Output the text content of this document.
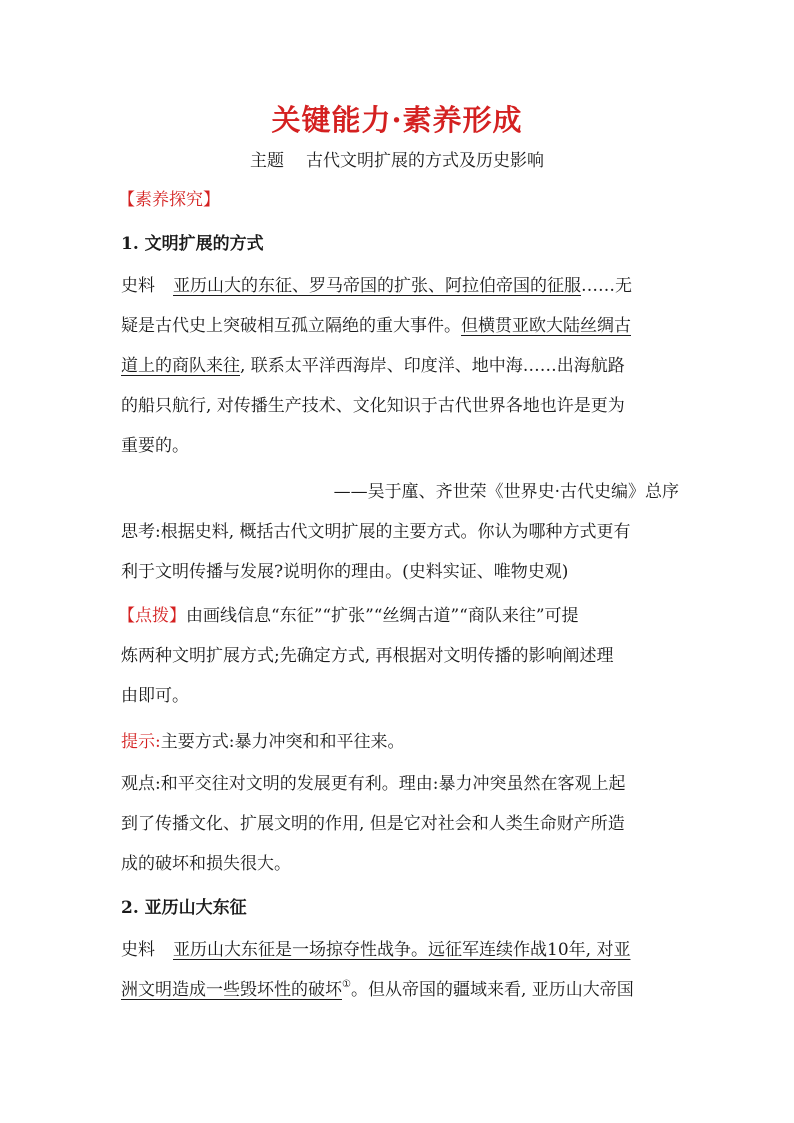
关键能力·素养形成
主题 古代文明扩展的方式及历史影响
【素养探究】
1. 文明扩展的方式
史料 亚历山大的东征、罗马帝国的扩张、阿拉伯帝国的征服……无
疑是古代史上突破相互孤立隔绝的重大事件。但横贯亚欧大陆丝绸古
道上的商队来往, 联系太平洋西海岸、印度洋、地中海……出海航路
的船只航行, 对传播生产技术、文化知识于古代世界各地也许是更为
重要的。
——吴于廑、齐世荣《世界史·古代史编》总序
思考:根据史料, 概括古代文明扩展的主要方式。你认为哪种方式更有
利于文明传播与发展?说明你的理由。(史料实证、唯物史观)
【点拨】由画线信息“东征”“扩张”“丝绸古道”“商队来往”可提
炼两种文明扩展方式;先确定方式, 再根据对文明传播的影响阐述理
由即可。
提示:主要方式:暴力冲突和和平往来。
观点:和平交往对文明的发展更有利。理由:暴力冲突虽然在客观上起
到了传播文化、扩展文明的作用, 但是它对社会和人类生命财产所造
成的破坏和损失很大。
2. 亚历山大东征
史料 亚历山大东征是一场掠夺性战争。远征军连续作战10年, 对亚
洲文明造成一些毁坏性的破坏①。但从帝国的疆域来看, 亚历山大帝国
